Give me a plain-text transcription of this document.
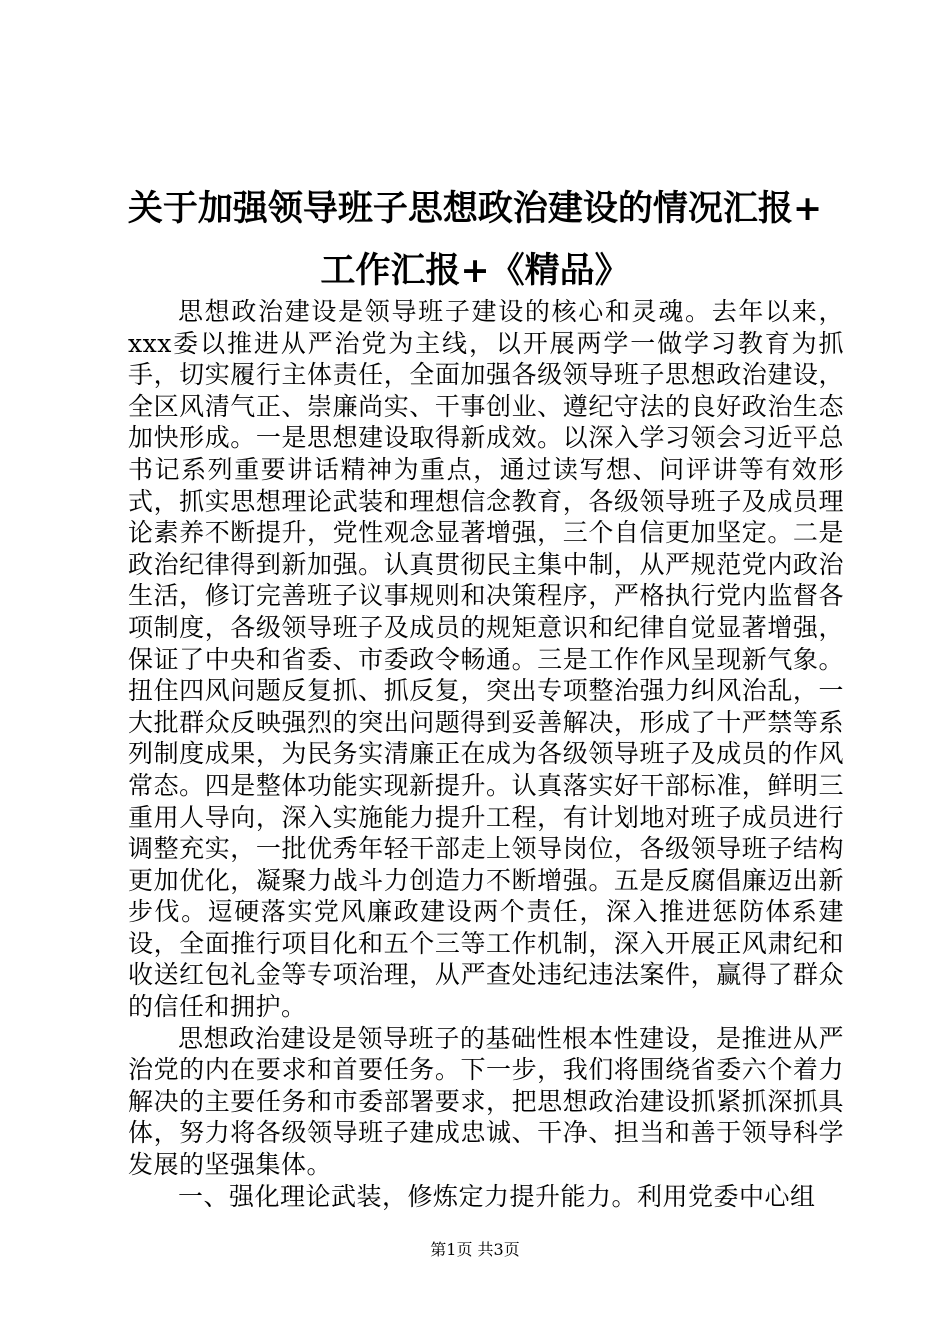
关于加强领导班子思想政治建设的情况汇报+
工作汇报+《精品》

思想政治建设是领导班子建设的核心和灵魂。去年以来，xxx委以推进从严治党为主线，以开展两学一做学习教育为抓手，切实履行主体责任，全面加强各级领导班子思想政治建设，全区风清气正、崇廉尚实、干事创业、遵纪守法的良好政治生态加快形成。一是思想建设取得新成效。以深入学习领会习近平总书记系列重要讲话精神为重点，通过读写想、问评讲等有效形式，抓实思想理论武装和理想信念教育，各级领导班子及成员理论素养不断提升，党性观念显著增强，三个自信更加坚定。二是政治纪律得到新加强。认真贯彻民主集中制，从严规范党内政治生活，修订完善班子议事规则和决策程序，严格执行党内监督各项制度，各级领导班子及成员的规矩意识和纪律自觉显著增强，保证了中央和省委、市委政令畅通。三是工作作风呈现新气象。扭住四风问题反复抓、抓反复，突出专项整治强力纠风治乱，一大批群众反映强烈的突出问题得到妥善解决，形成了十严禁等系列制度成果，为民务实清廉正在成为各级领导班子及成员的作风常态。四是整体功能实现新提升。认真落实好干部标准，鲜明三重用人导向，深入实施能力提升工程，有计划地对班子成员进行调整充实，一批优秀年轻干部走上领导岗位，各级领导班子结构更加优化，凝聚力战斗力创造力不断增强。五是反腐倡廉迈出新步伐。逗硬落实党风廉政建设两个责任，深入推进惩防体系建设，全面推行项目化和五个三等工作机制，深入开展正风肃纪和收送红包礼金等专项治理，从严查处违纪违法案件，赢得了群众的信任和拥护。

思想政治建设是领导班子的基础性根本性建设，是推进从严治党的内在要求和首要任务。下一步，我们将围绕省委六个着力解决的主要任务和市委部署要求，把思想政治建设抓紧抓深抓具体，努力将各级领导班子建成忠诚、干净、担当和善于领导科学发展的坚强集体。

一、强化理论武装，修炼定力提升能力。利用党委中心组

第1页 共3页
